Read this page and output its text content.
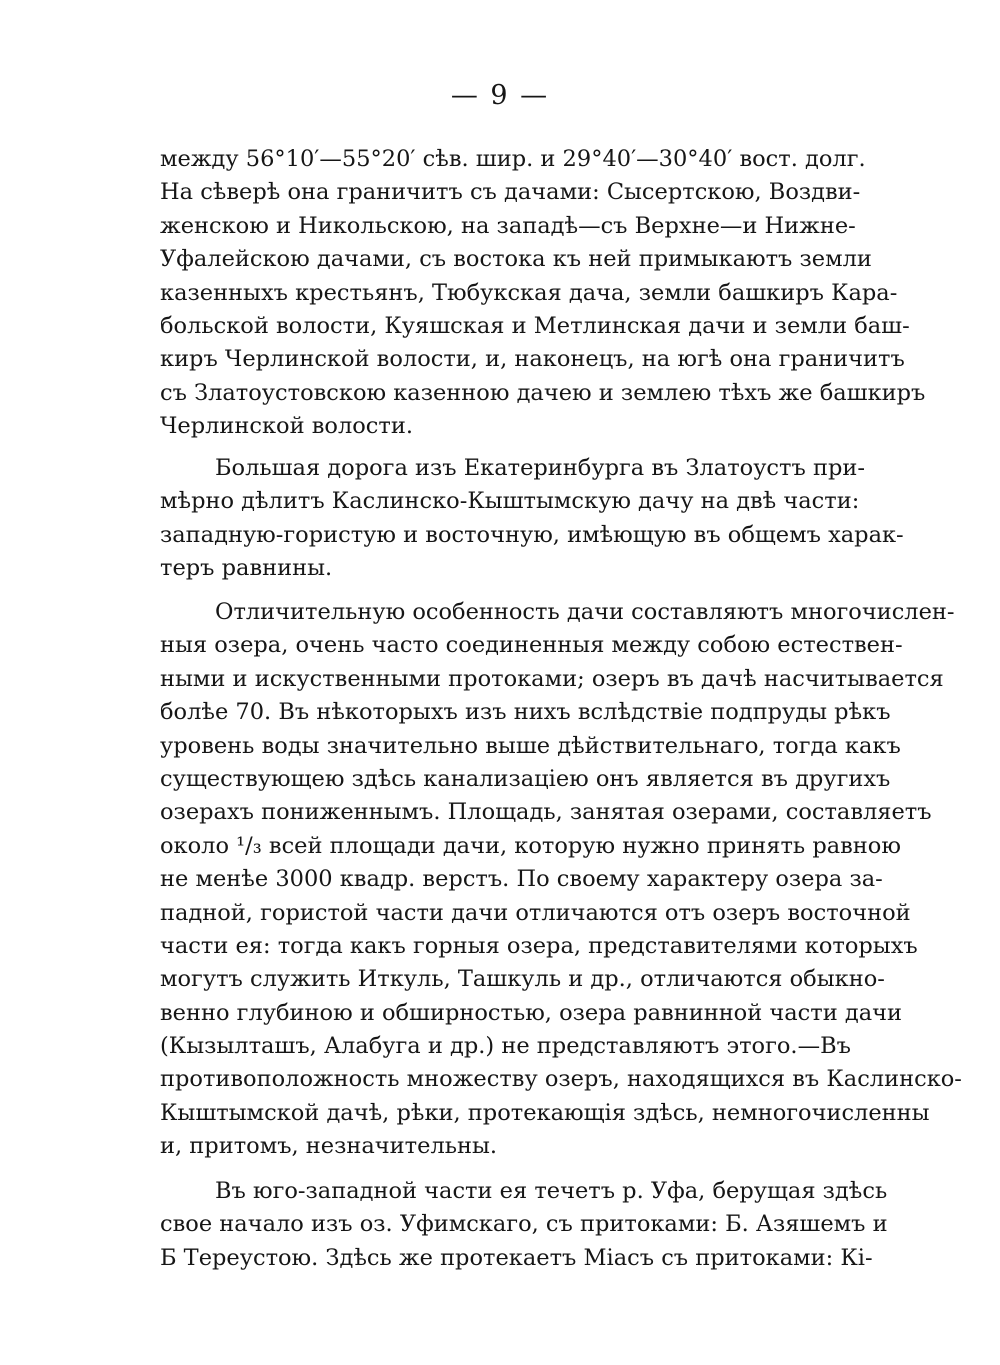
— 9 —
между 56°10′—55°20′ сѣв. шир. и 29°40′—30°40′ вост. долг.
На сѣверѣ она граничитъ съ дачами: Сысертскою, Воздви-
женскою и Никольскою, на западѣ—съ Верхне—и Нижне-
Уфалейскою дачами, съ востока къ ней примыкаютъ земли
казенныхъ крестьянъ, Тюбукская дача, земли башкиръ Кара-
больской волости, Куяшская и Метлинская дачи и земли баш-
киръ Черлинской волости, и, наконецъ, на югѣ она граничитъ
съ Златоустовскою казенною дачею и землею тѣхъ же башкиръ
Черлинской волости.
Большая дорога изъ Екатеринбурга въ Златоустъ при-
мѣрно дѣлитъ Каслинско-Кыштымскую дачу на двѣ части:
западную-гористую и восточную, имѣющую въ общемъ харак-
теръ равнины.
Отличительную особенность дачи составляютъ многочислен-
ныя озера, очень часто соединенныя между собою естествен-
ными и искуственными протоками; озеръ въ дачѣ насчитывается
болѣе 70. Въ нѣкоторыхъ изъ нихъ вслѣдствіе подпруды рѣкъ
уровень воды значительно выше дѣйствительнаго, тогда какъ
существующею здѣсь канализаціею онъ является въ другихъ
озерахъ пониженнымъ. Площадь, занятая озерами, составляетъ
около ¹/₃ всей площади дачи, которую нужно принять равною
не менѣе 3000 квадр. верстъ. По своему характеру озера за-
падной, гористой части дачи отличаются отъ озеръ восточной
части ея: тогда какъ горныя озера, представителями которыхъ
могутъ служить Иткуль, Ташкуль и др., отличаются обыкно-
венно глубиною и обширностью, озера равнинной части дачи
(Кызылташъ, Алабуга и др.) не представляютъ этого.—Въ
противоположность множеству озеръ, находящихся въ Каслинско-
Кыштымской дачѣ, рѣки, протекающія здѣсь, немногочисленны
и, притомъ, незначительны.
Въ юго-западной части ея течетъ р. Уфа, берущая здѣсь
свое начало изъ оз. Уфимскаго, съ притоками: Б. Азяшемъ и
Б Тереустою. Здѣсь же протекаетъ Міасъ съ притоками: Кі-
